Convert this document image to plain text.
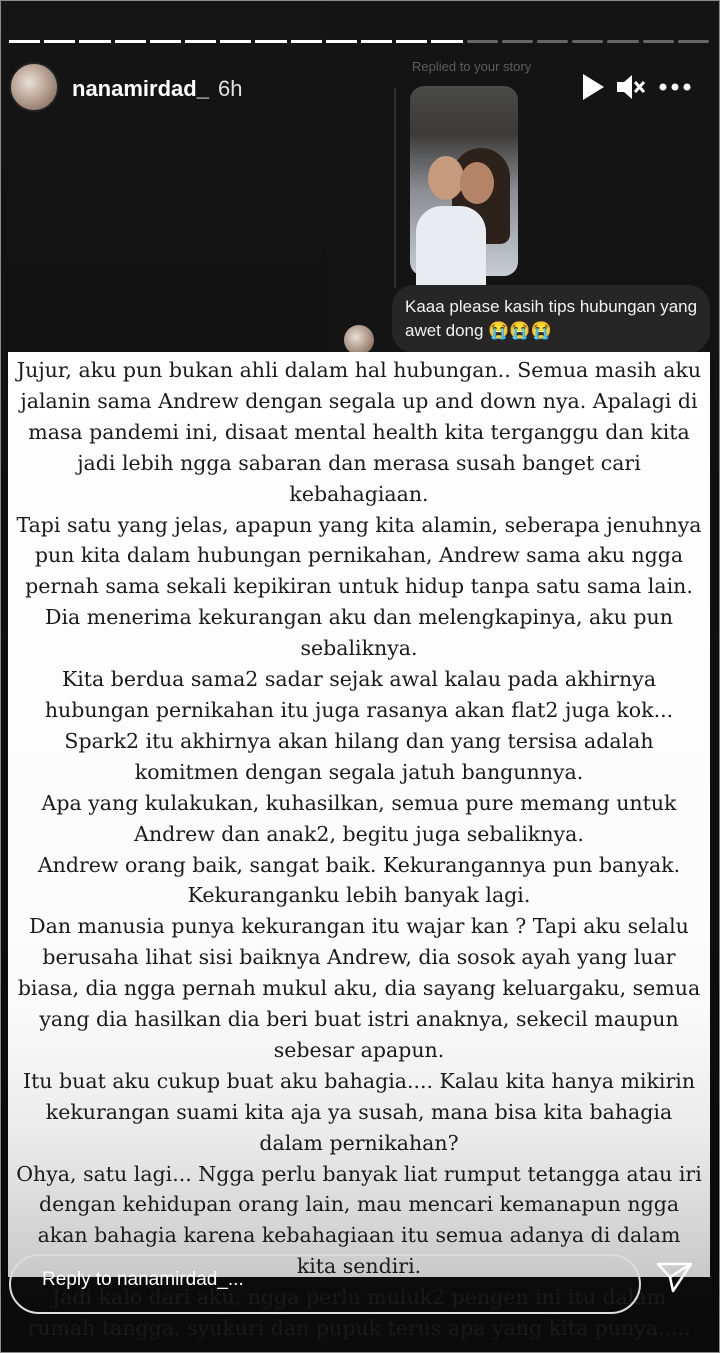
nanamirdad_ 6h
Replied to your story
Kaaa please kasih tips hubungan yang awet dong 😭😭😭

Jujur, aku pun bukan ahli dalam hal hubungan.. Semua masih aku jalanin sama Andrew dengan segala up and down nya. Apalagi di masa pandemi ini, disaat mental health kita terganggu dan kita jadi lebih ngga sabaran dan merasa susah banget cari kebahagiaan.

Tapi satu yang jelas, apapun yang kita alamin, seberapa jenuhnya pun kita dalam hubungan pernikahan, Andrew sama aku ngga pernah sama sekali kepikiran untuk hidup tanpa satu sama lain.

Dia menerima kekurangan aku dan melengkapinya, aku pun sebaliknya.

Kita berdua sama2 sadar sejak awal kalau pada akhirnya hubungan pernikahan itu juga rasanya akan flat2 juga kok...

Spark2 itu akhirnya akan hilang dan yang tersisa adalah komitmen dengan segala jatuh bangunnya.

Apa yang kulakukan, kuhasilkan, semua pure memang untuk Andrew dan anak2, begitu juga sebaliknya.

Andrew orang baik, sangat baik. Kekurangannya pun banyak. Kekuranganku lebih banyak lagi.

Dan manusia punya kekurangan itu wajar kan ? Tapi aku selalu berusaha lihat sisi baiknya Andrew, dia sosok ayah yang luar biasa, dia ngga pernah mukul aku, dia sayang keluargaku, semua yang dia hasilkan dia beri buat istri anaknya, sekecil maupun sebesar apapun.

Itu buat aku cukup buat aku bahagia.... Kalau kita hanya mikirin kekurangan suami kita aja ya susah, mana bisa kita bahagia dalam pernikahan?

Ohya, satu lagi... Ngga perlu banyak liat rumput tetangga atau iri dengan kehidupan orang lain, mau mencari kemanapun ngga akan bahagia karena kebahagiaan itu semua adanya di dalam kita sendiri.

Jadi kalo dari aku, ngga perlu muluk2 pengen ini itu dalam rumah tangga, syukuri dan pupuk terus apa yang kita punya.....

Reply to nanamirdad_...
